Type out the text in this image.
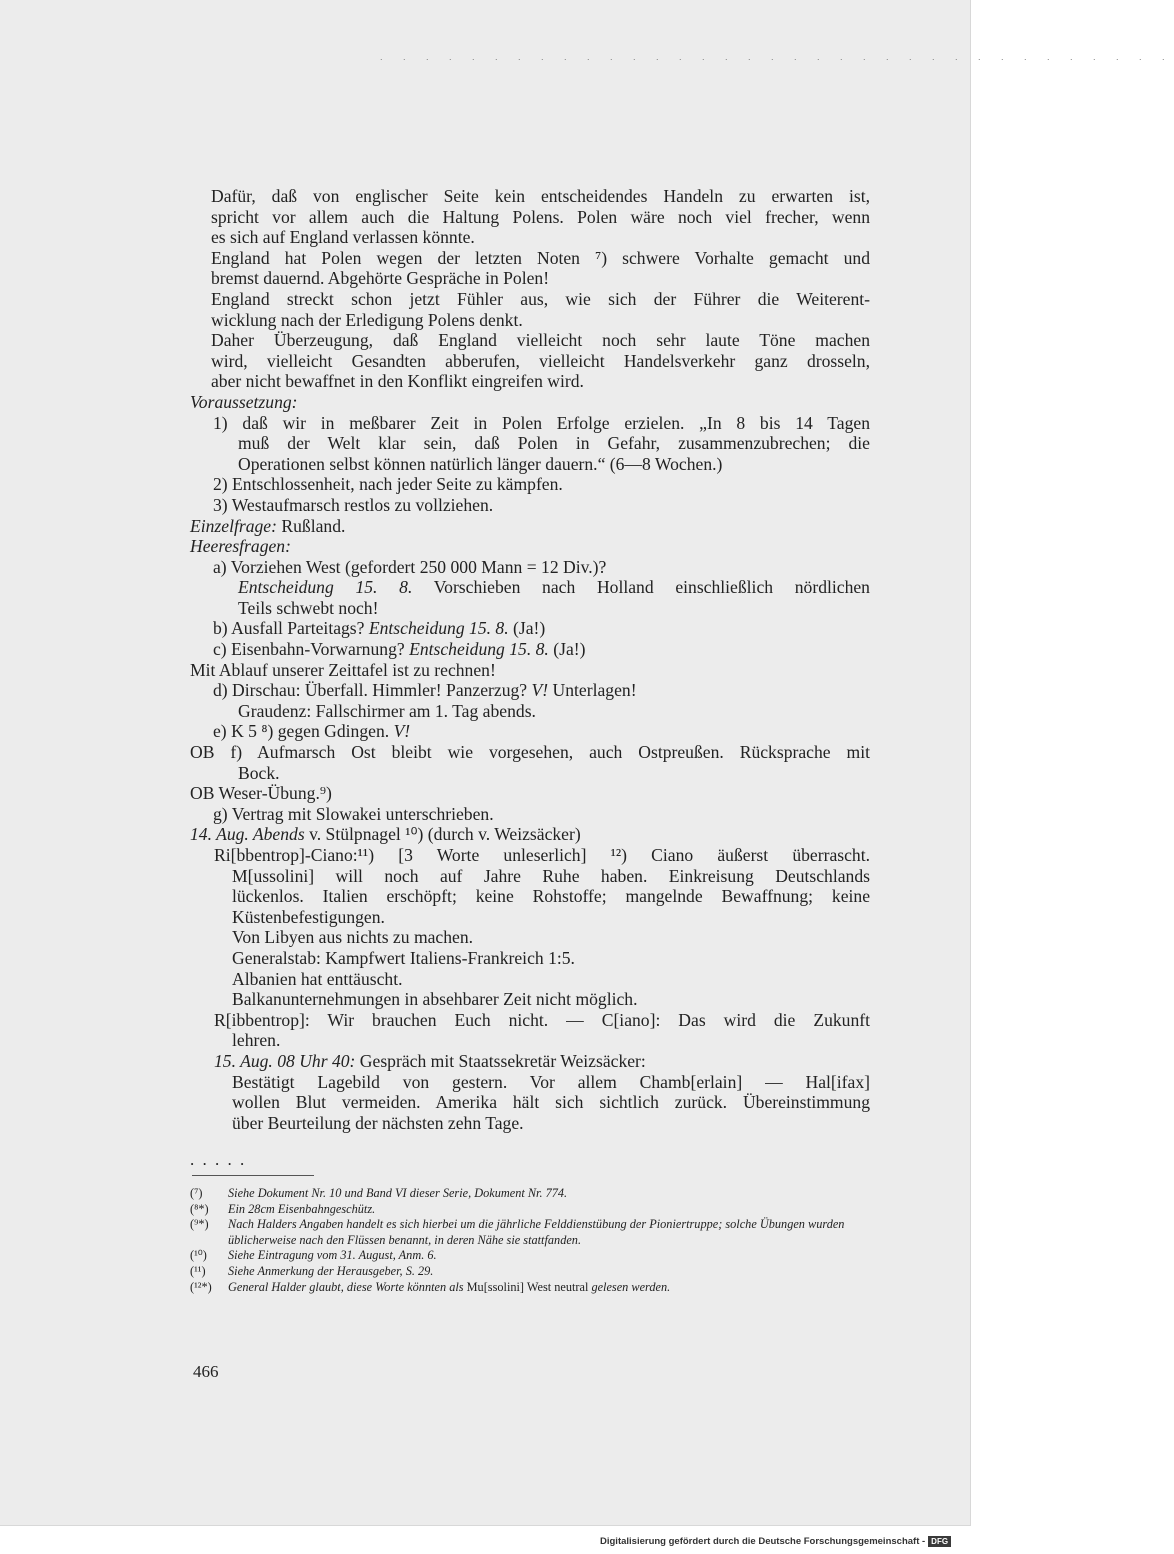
. . . . . . . . . . . . . . . . . . . . . . . . . . . . . . . . . . .
Dafür, daß von englischer Seite kein entscheidendes Handeln zu erwarten ist,
spricht vor allem auch die Haltung Polens. Polen wäre noch viel frecher, wenn
es sich auf England verlassen könnte.
England hat Polen wegen der letzten Noten ⁷) schwere Vorhalte gemacht und
bremst dauernd. Abgehörte Gespräche in Polen!
England streckt schon jetzt Fühler aus, wie sich der Führer die Weiterent-
wicklung nach der Erledigung Polens denkt.
Daher Überzeugung, daß England vielleicht noch sehr laute Töne machen
wird, vielleicht Gesandten abberufen, vielleicht Handelsverkehr ganz drosseln,
aber nicht bewaffnet in den Konflikt eingreifen wird.
Voraussetzung:
1) daß wir in meßbarer Zeit in Polen Erfolge erzielen. „In 8 bis 14 Tagen
muß der Welt klar sein, daß Polen in Gefahr, zusammenzubrechen; die
Operationen selbst können natürlich länger dauern.“ (6—8 Wochen.)
2) Entschlossenheit, nach jeder Seite zu kämpfen.
3) Westaufmarsch restlos zu vollziehen.
Einzelfrage: Rußland.
Heeresfragen:
a) Vorziehen West (gefordert 250 000 Mann = 12 Div.)?
Entscheidung 15. 8. Vorschieben nach Holland einschließlich nördlichen
Teils schwebt noch!
b) Ausfall Parteitags? Entscheidung 15. 8. (Ja!)
c) Eisenbahn-Vorwarnung? Entscheidung 15. 8. (Ja!)
Mit Ablauf unserer Zeittafel ist zu rechnen!
d) Dirschau: Überfall. Himmler! Panzerzug? V! Unterlagen!
Graudenz: Fallschirmer am 1. Tag abends.
e) K 5 ⁸) gegen Gdingen. V!
OB f) Aufmarsch Ost bleibt wie vorgesehen, auch Ostpreußen. Rücksprache mit
Bock.
OB Weser-Übung.⁹)
g) Vertrag mit Slowakei unterschrieben.
14. Aug. Abends v. Stülpnagel ¹⁰) (durch v. Weizsäcker)
Ri[bbentrop]-Ciano:¹¹) [3 Worte unleserlich] ¹²) Ciano äußerst überrascht.
M[ussolini] will noch auf Jahre Ruhe haben. Einkreisung Deutschlands
lückenlos. Italien erschöpft; keine Rohstoffe; mangelnde Bewaffnung; keine
Küstenbefestigungen.
Von Libyen aus nichts zu machen.
Generalstab: Kampfwert Italiens-Frankreich 1:5.
Albanien hat enttäuscht.
Balkanunternehmungen in absehbarer Zeit nicht möglich.
R[ibbentrop]: Wir brauchen Euch nicht. — C[iano]: Das wird die Zukunft
lehren.
15. Aug. 08 Uhr 40: Gespräch mit Staatssekretär Weizsäcker:
Bestätigt Lagebild von gestern. Vor allem Chamb[erlain] — Hal[ifax]
wollen Blut vermeiden. Amerika hält sich sichtlich zurück. Übereinstimmung
über Beurteilung der nächsten zehn Tage.
. . . . .
(⁷)	Siehe Dokument Nr. 10 und Band VI dieser Serie, Dokument Nr. 774.
(⁸*)	Ein 28cm Eisenbahngeschütz.
(⁹*)	Nach Halders Angaben handelt es sich hierbei um die jährliche Felddienstübung der Pioniertruppe; solche Übungen wurden üblicherweise nach den Flüssen benannt, in deren Nähe sie stattfanden.
(¹⁰)	Siehe Eintragung vom 31. August, Anm. 6.
(¹¹)	Siehe Anmerkung der Herausgeber, S. 29.
(¹²*)	General Halder glaubt, diese Worte könnten als Mu[ssolini] West neutral gelesen werden.
466
Digitalisierung gefördert durch die Deutsche Forschungsgemeinschaft - DFG
